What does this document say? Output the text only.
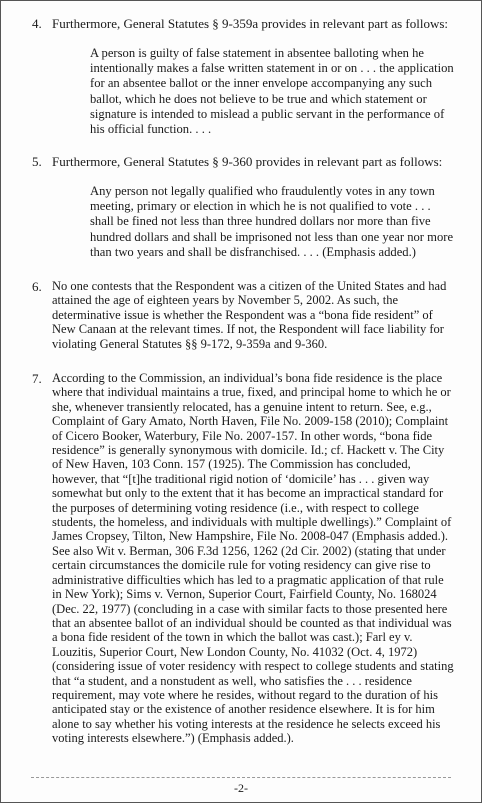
4. Furthermore, General Statutes § 9-359a provides in relevant part as follows:
A person is guilty of false statement in absentee balloting when he
intentionally makes a false written statement in or on . . . the application
for an absentee ballot or the inner envelope accompanying any such
ballot, which he does not believe to be true and which statement or
signature is intended to mislead a public servant in the performance of
his official function. . . .
5. Furthermore, General Statutes § 9-360 provides in relevant part as follows:
Any person not legally qualified who fraudulently votes in any town
meeting, primary or election in which he is not qualified to vote . . .
shall be fined not less than three hundred dollars nor more than five
hundred dollars and shall be imprisoned not less than one year nor more
than two years and shall be disfranchised. . . . (Emphasis added.)
6. No one contests that the Respondent was a citizen of the United States and had
attained the age of eighteen years by November 5, 2002. As such, the
determinative issue is whether the Respondent was a “bona fide resident” of
New Canaan at the relevant times. If not, the Respondent will face liability for
violating General Statutes §§ 9-172, 9-359a and 9-360.
7. According to the Commission, an individual’s bona fide residence is the place
where that individual maintains a true, fixed, and principal home to which he or
she, whenever transiently relocated, has a genuine intent to return. See, e.g.,
Complaint of Gary Amato, North Haven, File No. 2009-158 (2010); Complaint
of Cicero Booker, Waterbury, File No. 2007-157. In other words, “bona fide
residence” is generally synonymous with domicile. Id.; cf. Hackett v. The City
of New Haven, 103 Conn. 157 (1925). The Commission has concluded,
however, that “[t]he traditional rigid notion of ‘domicile’ has . . . given way
somewhat but only to the extent that it has become an impractical standard for
the purposes of determining voting residence (i.e., with respect to college
students, the homeless, and individuals with multiple dwellings).” Complaint of
James Cropsey, Tilton, New Hampshire, File No. 2008-047 (Emphasis added.).
See also Wit v. Berman, 306 F.3d 1256, 1262 (2d Cir. 2002) (stating that under
certain circumstances the domicile rule for voting residency can give rise to
administrative difficulties which has led to a pragmatic application of that rule
in New York); Sims v. Vernon, Superior Court, Fairfield County, No. 168024
(Dec. 22, 1977) (concluding in a case with similar facts to those presented here
that an absentee ballot of an individual should be counted as that individual was
a bona fide resident of the town in which the ballot was cast.); Farl ey v.
Louzitis, Superior Court, New London County, No. 41032 (Oct. 4, 1972)
(considering issue of voter residency with respect to college students and stating
that “a student, and a nonstudent as well, who satisfies the . . . residence
requirement, may vote where he resides, without regard to the duration of his
anticipated stay or the existence of another residence elsewhere. It is for him
alone to say whether his voting interests at the residence he selects exceed his
voting interests elsewhere.”) (Emphasis added.).
-2-
